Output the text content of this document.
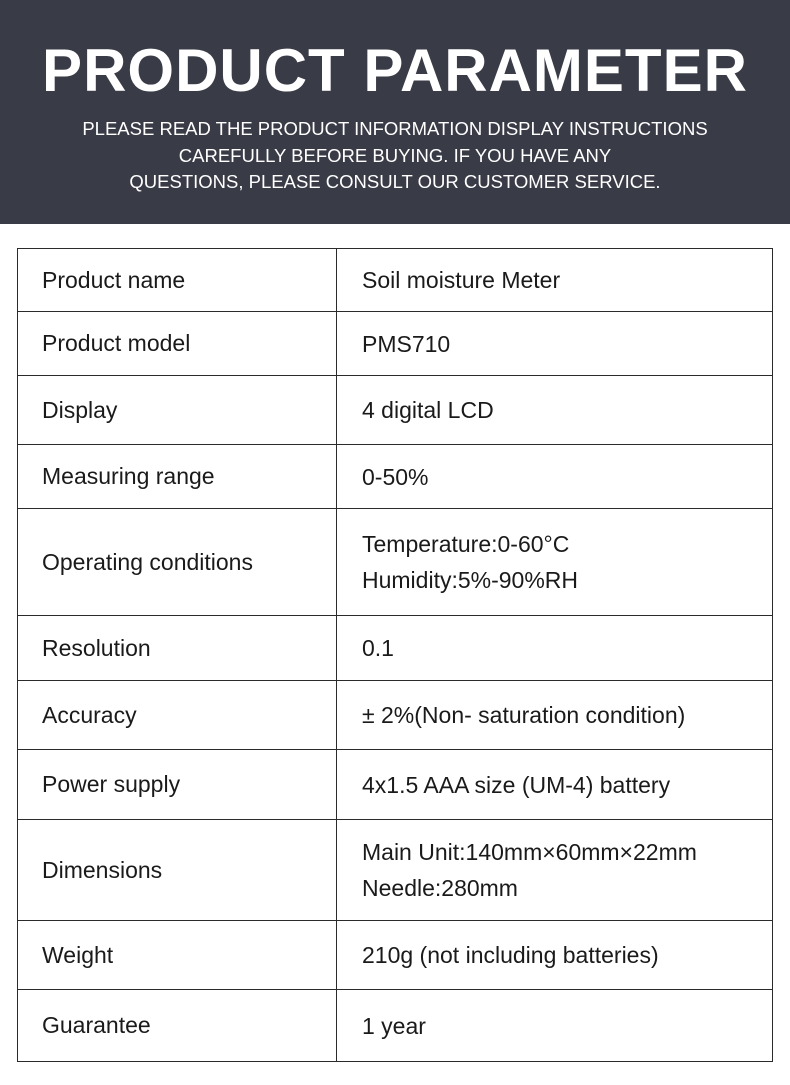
PRODUCT PARAMETER

PLEASE READ THE PRODUCT INFORMATION DISPLAY INSTRUCTIONS
CAREFULLY BEFORE BUYING. IF YOU HAVE ANY
QUESTIONS, PLEASE CONSULT OUR CUSTOMER SERVICE.

Product name	Soil moisture Meter

Product model	PMS710

Display	4 digital LCD

Measuring range	0-50%

Operating conditions	Temperature:0-60°C
Humidity:5%-90%RH

Resolution	0.1

Accuracy	± 2%(Non- saturation condition)

Power supply	4x1.5 AAA size (UM-4) battery

Dimensions	Main Unit:140mm×60mm×22mm
Needle:280mm

Weight	210g (not including batteries)

Guarantee	1 year
